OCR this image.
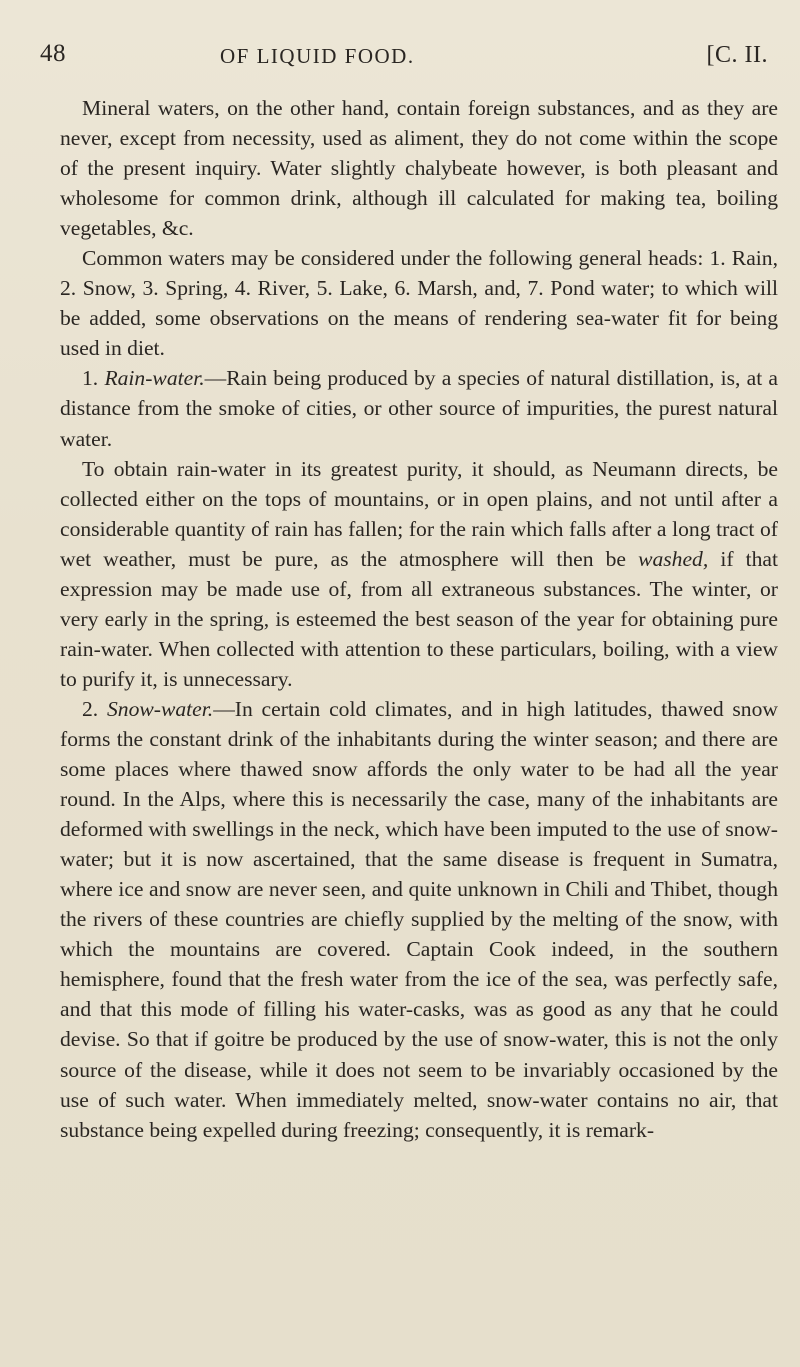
48	OF LIQUID FOOD.	[C. II.

Mineral waters, on the other hand, contain foreign substances, and as they are never, except from necessity, used as aliment, they do not come within the scope of the present inquiry. Water slightly chalybeate however, is both pleasant and wholesome for common drink, although ill calculated for making tea, boiling vegetables, &c.

Common waters may be considered under the following general heads: 1. Rain, 2. Snow, 3. Spring, 4. River, 5. Lake, 6. Marsh, and, 7. Pond water; to which will be added, some observations on the means of rendering sea-water fit for being used in diet.

1. Rain-water.—Rain being produced by a species of natural distillation, is, at a distance from the smoke of cities, or other source of impurities, the purest natural water.

To obtain rain-water in its greatest purity, it should, as Neumann directs, be collected either on the tops of mountains, or in open plains, and not until after a considerable quantity of rain has fallen; for the rain which falls after a long tract of wet weather, must be pure, as the atmosphere will then be washed, if that expression may be made use of, from all extraneous substances. The winter, or very early in the spring, is esteemed the best season of the year for obtaining pure rain-water. When collected with attention to these particulars, boiling, with a view to purify it, is unnecessary.

2. Snow-water.—In certain cold climates, and in high latitudes, thawed snow forms the constant drink of the inhabitants during the winter season; and there are some places where thawed snow affords the only water to be had all the year round. In the Alps, where this is necessarily the case, many of the inhabitants are deformed with swellings in the neck, which have been imputed to the use of snow-water; but it is now ascertained, that the same disease is frequent in Sumatra, where ice and snow are never seen, and quite unknown in Chili and Thibet, though the rivers of these countries are chiefly supplied by the melting of the snow, with which the mountains are covered. Captain Cook indeed, in the southern hemisphere, found that the fresh water from the ice of the sea, was perfectly safe, and that this mode of filling his water-casks, was as good as any that he could devise. So that if goitre be produced by the use of snow-water, this is not the only source of the disease, while it does not seem to be invariably occasioned by the use of such water. When immediately melted, snow-water contains no air, that substance being expelled during freezing; consequently, it is remark-
